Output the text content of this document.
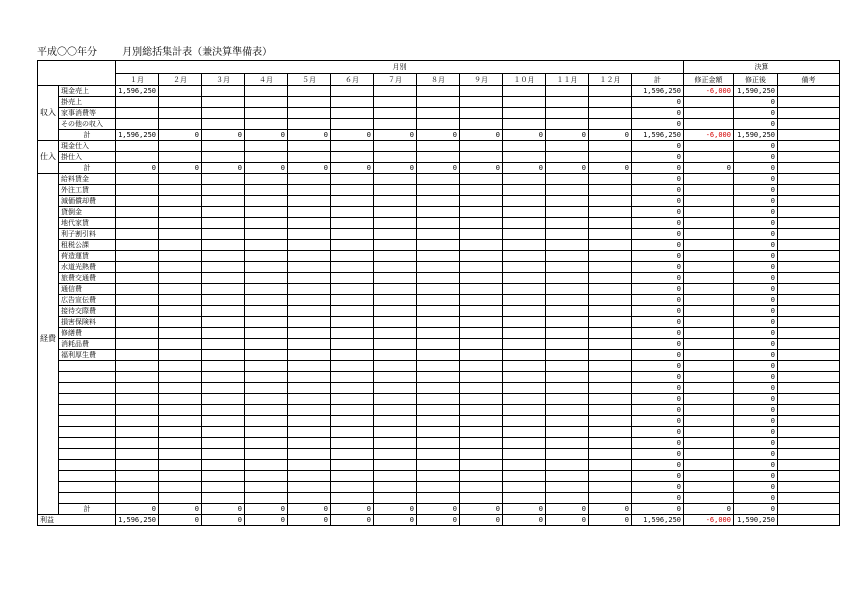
平成〇〇年分	月別総括集計表（兼決算準備表）
		月別													決算		
		１月	２月	３月	４月	５月	６月	７月	８月	９月	１０月	１１月	１２月	計	修正金額	修正後	備考
収入	現金売上	1,596,250												1,596,250	-6,000	1,590,250	
	掛売上													0		0	
	家事消費等													0		0	
	その他の収入													0		0	
	計	1,596,250	0	0	0	0	0	0	0	0	0	0	0	1,596,250	-6,000	1,590,250	
仕入	現金仕入													0		0	
	掛仕入													0		0	
	計	0	0	0	0	0	0	0	0	0	0	0	0	0	0	0	
経費	給料賃金													0		0	
	外注工賃													0		0	
	減価償却費													0		0	
	貸倒金													0		0	
	地代家賃													0		0	
	利子割引料													0		0	
	租税公課													0		0	
	荷造運賃													0		0	
	水道光熱費													0		0	
	旅費交通費													0		0	
	通信費													0		0	
	広告宣伝費													0		0	
	接待交際費													0		0	
	損害保険料													0		0	
	修繕費													0		0	
	消耗品費													0		0	
	福利厚生費													0		0	
														0		0	
														0		0	
														0		0	
														0		0	
														0		0	
														0		0	
														0		0	
														0		0	
														0		0	
														0		0	
														0		0	
														0		0	
														0		0	
	計	0	0	0	0	0	0	0	0	0	0	0	0	0	0	0	
利益		1,596,250	0	0	0	0	0	0	0	0	0	0	0	1,596,250	-6,000	1,590,250	
